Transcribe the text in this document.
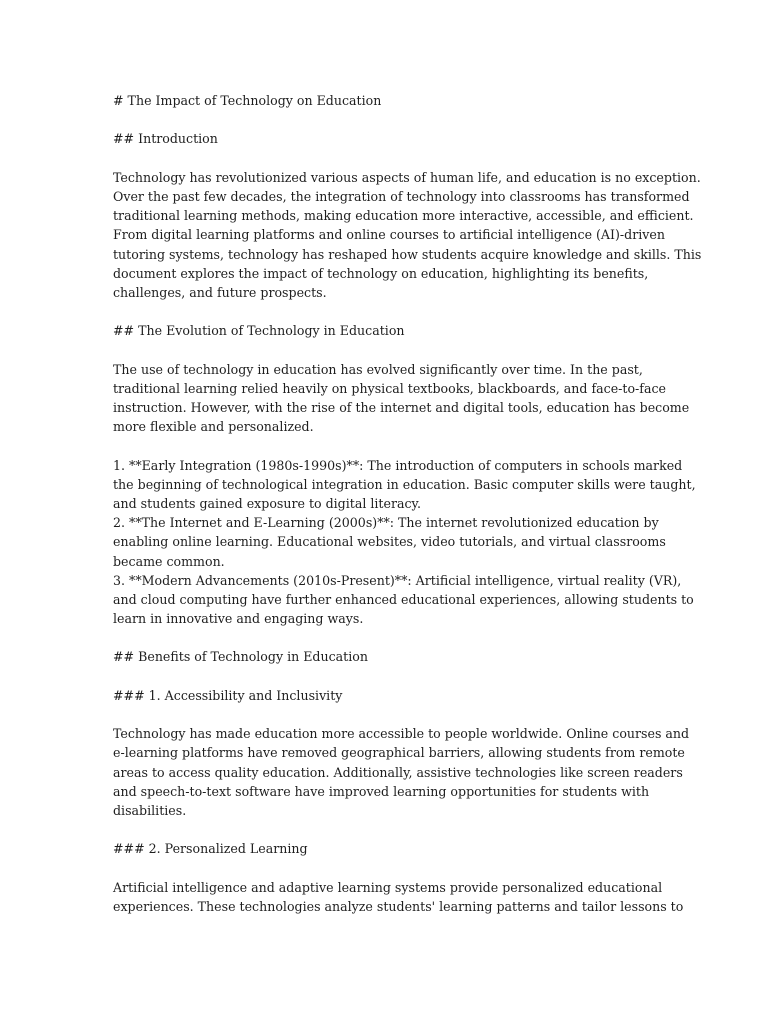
# The Impact of Technology on Education

## Introduction

Technology has revolutionized various aspects of human life, and education is no exception.

Over the past few decades, the integration of technology into classrooms has transformed

traditional learning methods, making education more interactive, accessible, and efficient.

From digital learning platforms and online courses to artificial intelligence (AI)-driven

tutoring systems, technology has reshaped how students acquire knowledge and skills. This

document explores the impact of technology on education, highlighting its benefits,

challenges, and future prospects.

## The Evolution of Technology in Education

The use of technology in education has evolved significantly over time. In the past,

traditional learning relied heavily on physical textbooks, blackboards, and face-to-face

instruction. However, with the rise of the internet and digital tools, education has become

more flexible and personalized.

1. **Early Integration (1980s-1990s)**: The introduction of computers in schools marked

the beginning of technological integration in education. Basic computer skills were taught,

and students gained exposure to digital literacy.

2. **The Internet and E-Learning (2000s)**: The internet revolutionized education by

enabling online learning. Educational websites, video tutorials, and virtual classrooms

became common.

3. **Modern Advancements (2010s-Present)**: Artificial intelligence, virtual reality (VR),

and cloud computing have further enhanced educational experiences, allowing students to

learn in innovative and engaging ways.

## Benefits of Technology in Education

### 1. Accessibility and Inclusivity

Technology has made education more accessible to people worldwide. Online courses and

e-learning platforms have removed geographical barriers, allowing students from remote

areas to access quality education. Additionally, assistive technologies like screen readers

and speech-to-text software have improved learning opportunities for students with

disabilities.

### 2. Personalized Learning

Artificial intelligence and adaptive learning systems provide personalized educational

experiences. These technologies analyze students' learning patterns and tailor lessons to
